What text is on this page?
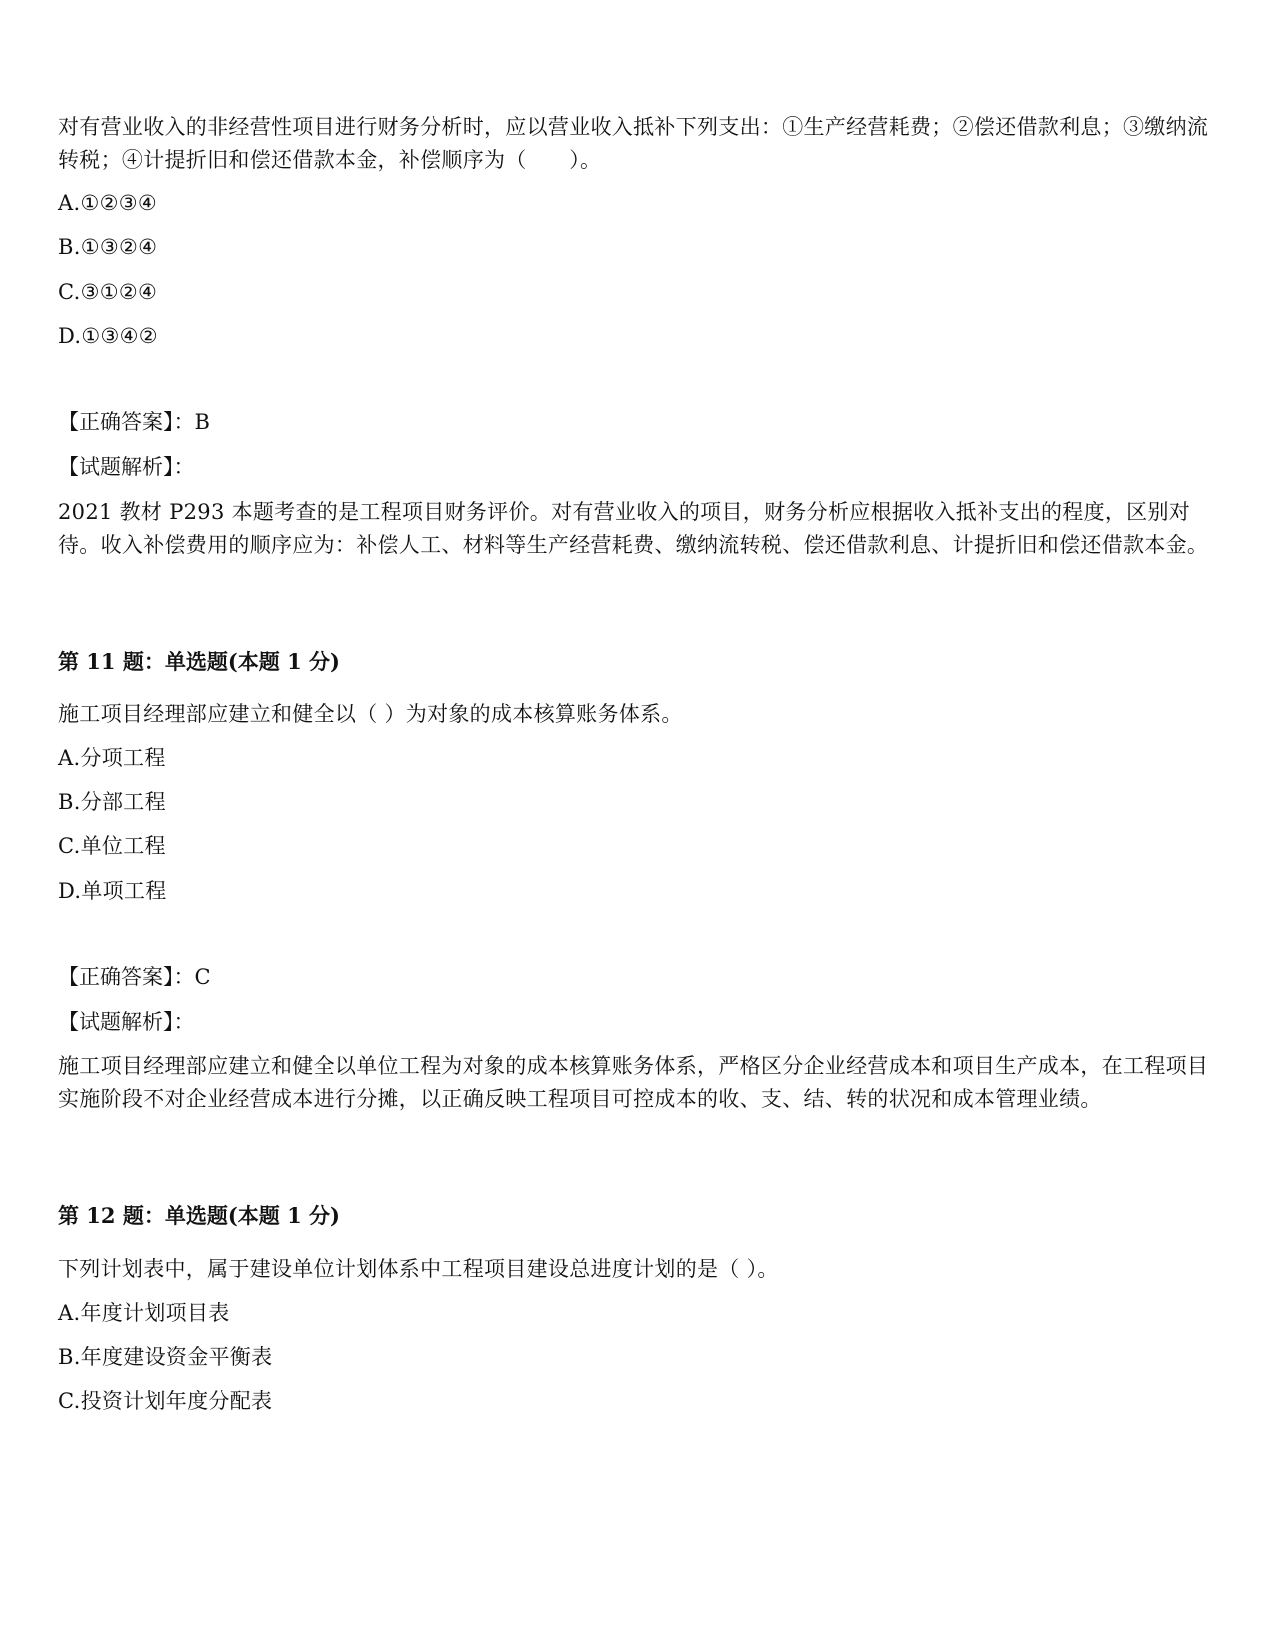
对有营业收入的非经营性项目进行财务分析时，应以营业收入抵补下列支出：①生产经营耗费；②偿还借款利息；③缴纳流转税；④计提折旧和偿还借款本金，补偿顺序为（　　）。

A.①②③④

B.①③②④

C.③①②④

D.①③④②

【正确答案】：B

【试题解析】：

2021 教材 P293 本题考查的是工程项目财务评价。对有营业收入的项目，财务分析应根据收入抵补支出的程度，区别对待。收入补偿费用的顺序应为：补偿人工、材料等生产经营耗费、缴纳流转税、偿还借款利息、计提折旧和偿还借款本金。

第 11 题：单选题(本题 1 分)

施工项目经理部应建立和健全以（ ）为对象的成本核算账务体系。

A.分项工程

B.分部工程

C.单位工程

D.单项工程

【正确答案】：C

【试题解析】：

施工项目经理部应建立和健全以单位工程为对象的成本核算账务体系，严格区分企业经营成本和项目生产成本，在工程项目实施阶段不对企业经营成本进行分摊，以正确反映工程项目可控成本的收、支、结、转的状况和成本管理业绩。

第 12 题：单选题(本题 1 分)

下列计划表中，属于建设单位计划体系中工程项目建设总进度计划的是（ ）。

A.年度计划项目表

B.年度建设资金平衡表

C.投资计划年度分配表
